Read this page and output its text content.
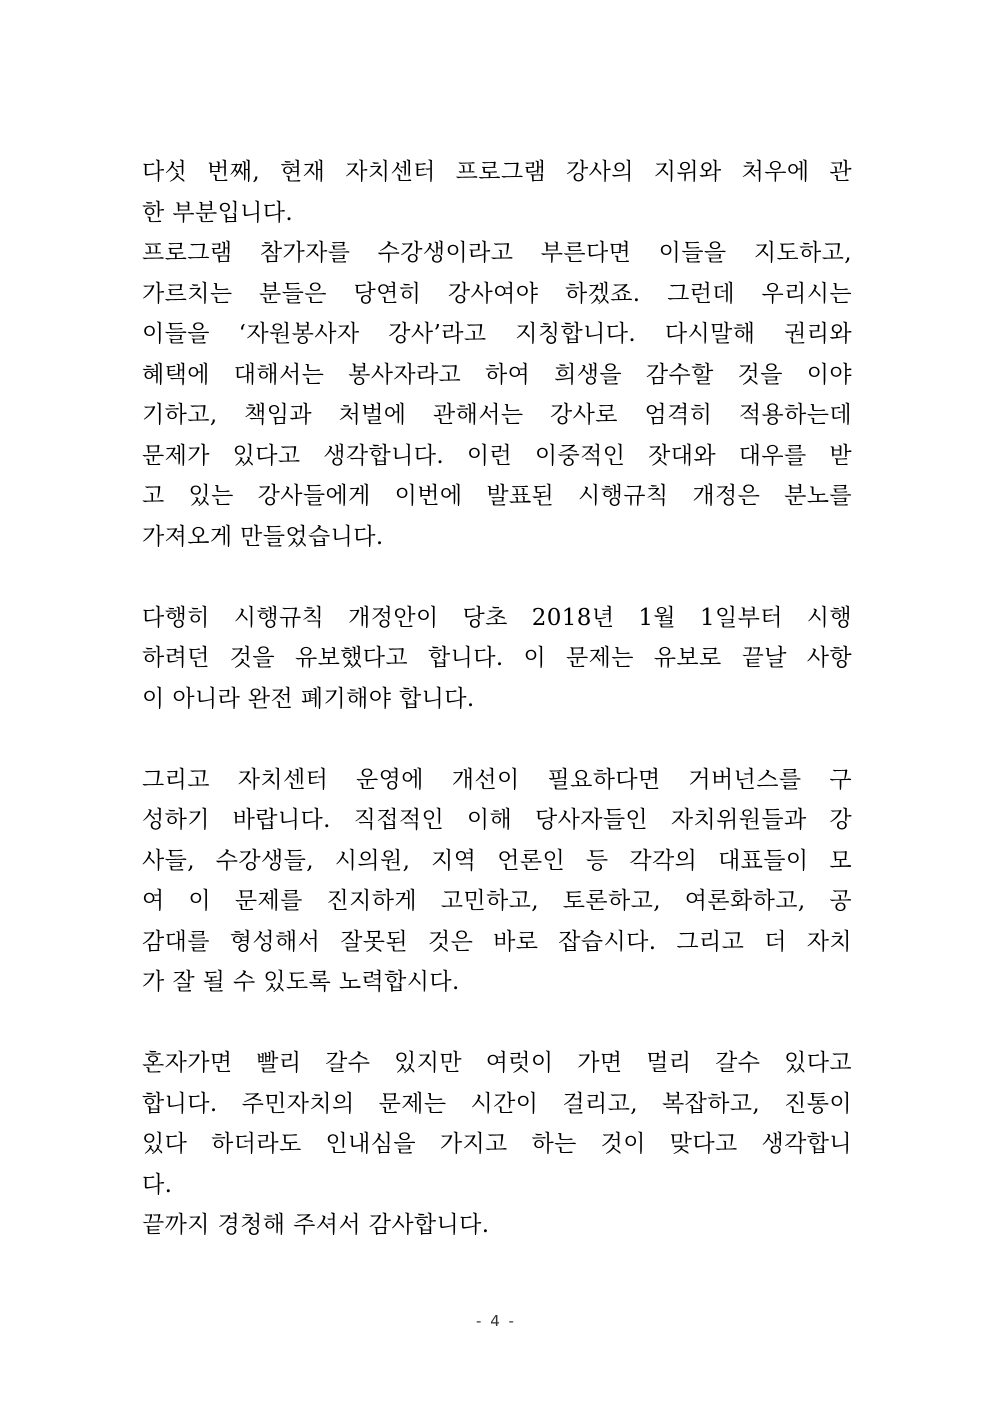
다섯 번째, 현재 자치센터 프로그램 강사의 지위와 처우에 관
한 부분입니다.
프로그램 참가자를 수강생이라고 부른다면 이들을 지도하고,
가르치는 분들은 당연히 강사여야 하겠죠. 그런데 우리시는
이들을 ‘자원봉사자 강사’라고 지칭합니다. 다시말해 권리와
혜택에 대해서는 봉사자라고 하여 희생을 감수할 것을 이야
기하고, 책임과 처벌에 관해서는 강사로 엄격히 적용하는데
문제가 있다고 생각합니다. 이런 이중적인 잣대와 대우를 받
고 있는 강사들에게 이번에 발표된 시행규칙 개정은 분노를
가져오게 만들었습니다.
다행히 시행규칙 개정안이 당초 2018년 1월 1일부터 시행
하려던 것을 유보했다고 합니다. 이 문제는 유보로 끝날 사항
이 아니라 완전 폐기해야 합니다.
그리고 자치센터 운영에 개선이 필요하다면 거버넌스를 구
성하기 바랍니다. 직접적인 이해 당사자들인 자치위원들과 강
사들, 수강생들, 시의원, 지역 언론인 등 각각의 대표들이 모
여 이 문제를 진지하게 고민하고, 토론하고, 여론화하고, 공
감대를 형성해서 잘못된 것은 바로 잡습시다. 그리고 더 자치
가 잘 될 수 있도록 노력합시다.
혼자가면 빨리 갈수 있지만 여럿이 가면 멀리 갈수 있다고
합니다. 주민자치의 문제는 시간이 걸리고, 복잡하고, 진통이
있다 하더라도 인내심을 가지고 하는 것이 맞다고 생각합니
다.
끝까지 경청해 주셔서 감사합니다.
- 4 -
